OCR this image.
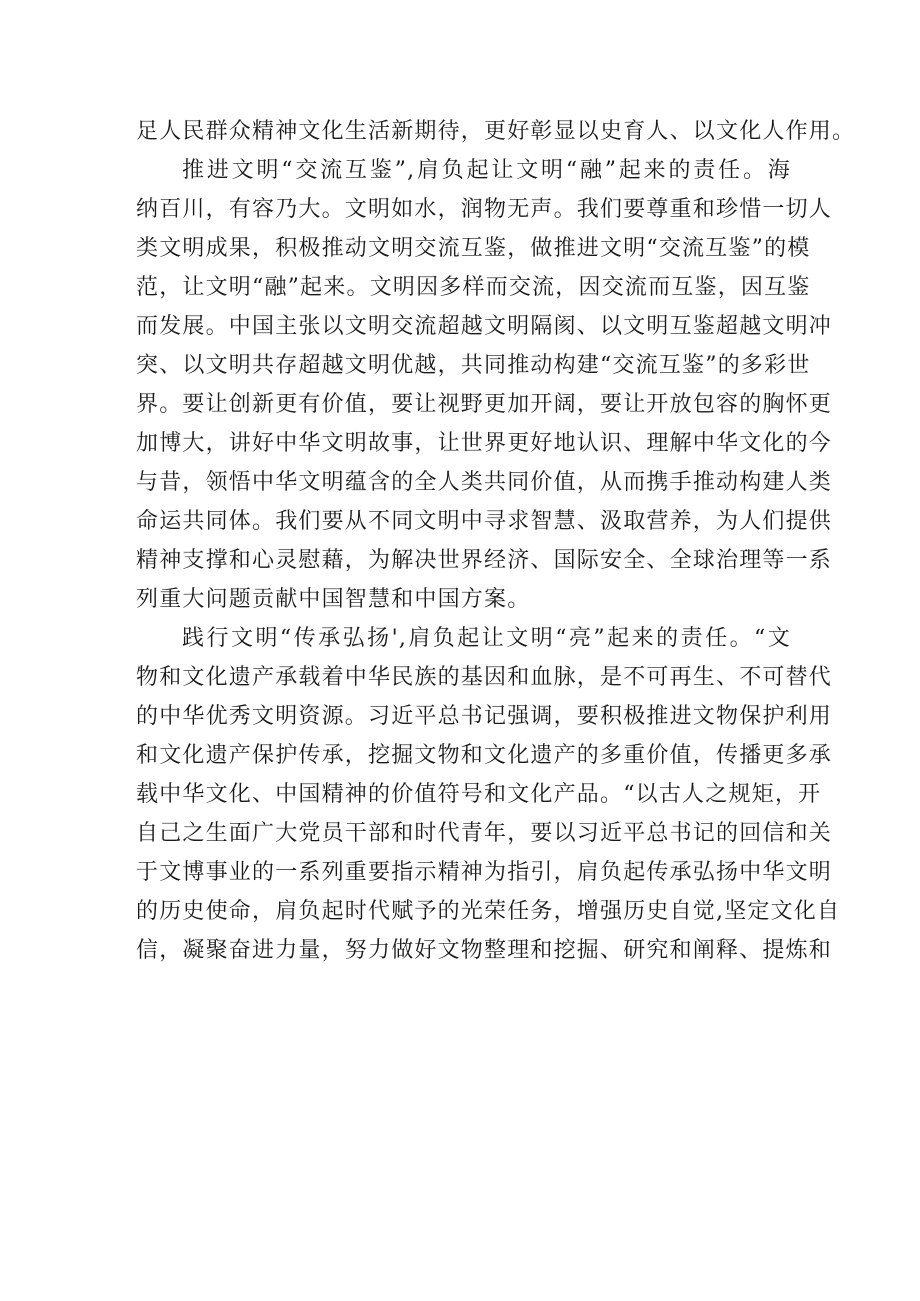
足人民群众精神文化生活新期待，更好彰显以史育人、以文化人作用。
推进文明“交流互鉴”,肩负起让文明“融”起来的责任。海
纳百川，有容乃大。文明如水，润物无声。我们要尊重和珍惜一切人
类文明成果，积极推动文明交流互鉴，做推进文明“交流互鉴”的模
范，让文明“融”起来。文明因多样而交流，因交流而互鉴，因互鉴
而发展。中国主张以文明交流超越文明隔阂、以文明互鉴超越文明冲
突、以文明共存超越文明优越，共同推动构建“交流互鉴”的多彩世
界。要让创新更有价值，要让视野更加开阔，要让开放包容的胸怀更
加博大，讲好中华文明故事，让世界更好地认识、理解中华文化的今
与昔，领悟中华文明蕴含的全人类共同价值，从而携手推动构建人类
命运共同体。我们要从不同文明中寻求智慧、汲取营养，为人们提供
精神支撑和心灵慰藉，为解决世界经济、国际安全、全球治理等一系
列重大问题贡献中国智慧和中国方案。
践行文明“传承弘扬',肩负起让文明“亮”起来的责任。“文
物和文化遗产承载着中华民族的基因和血脉，是不可再生、不可替代
的中华优秀文明资源。习近平总书记强调，要积极推进文物保护利用
和文化遗产保护传承，挖掘文物和文化遗产的多重价值，传播更多承
载中华文化、中国精神的价值符号和文化产品。“以古人之规矩，开
自己之生面广大党员干部和时代青年，要以习近平总书记的回信和关
于文博事业的一系列重要指示精神为指引，肩负起传承弘扬中华文明
的历史使命，肩负起时代赋予的光荣任务，增强历史自觉,坚定文化自
信，凝聚奋进力量，努力做好文物整理和挖掘、研究和阐释、提炼和
